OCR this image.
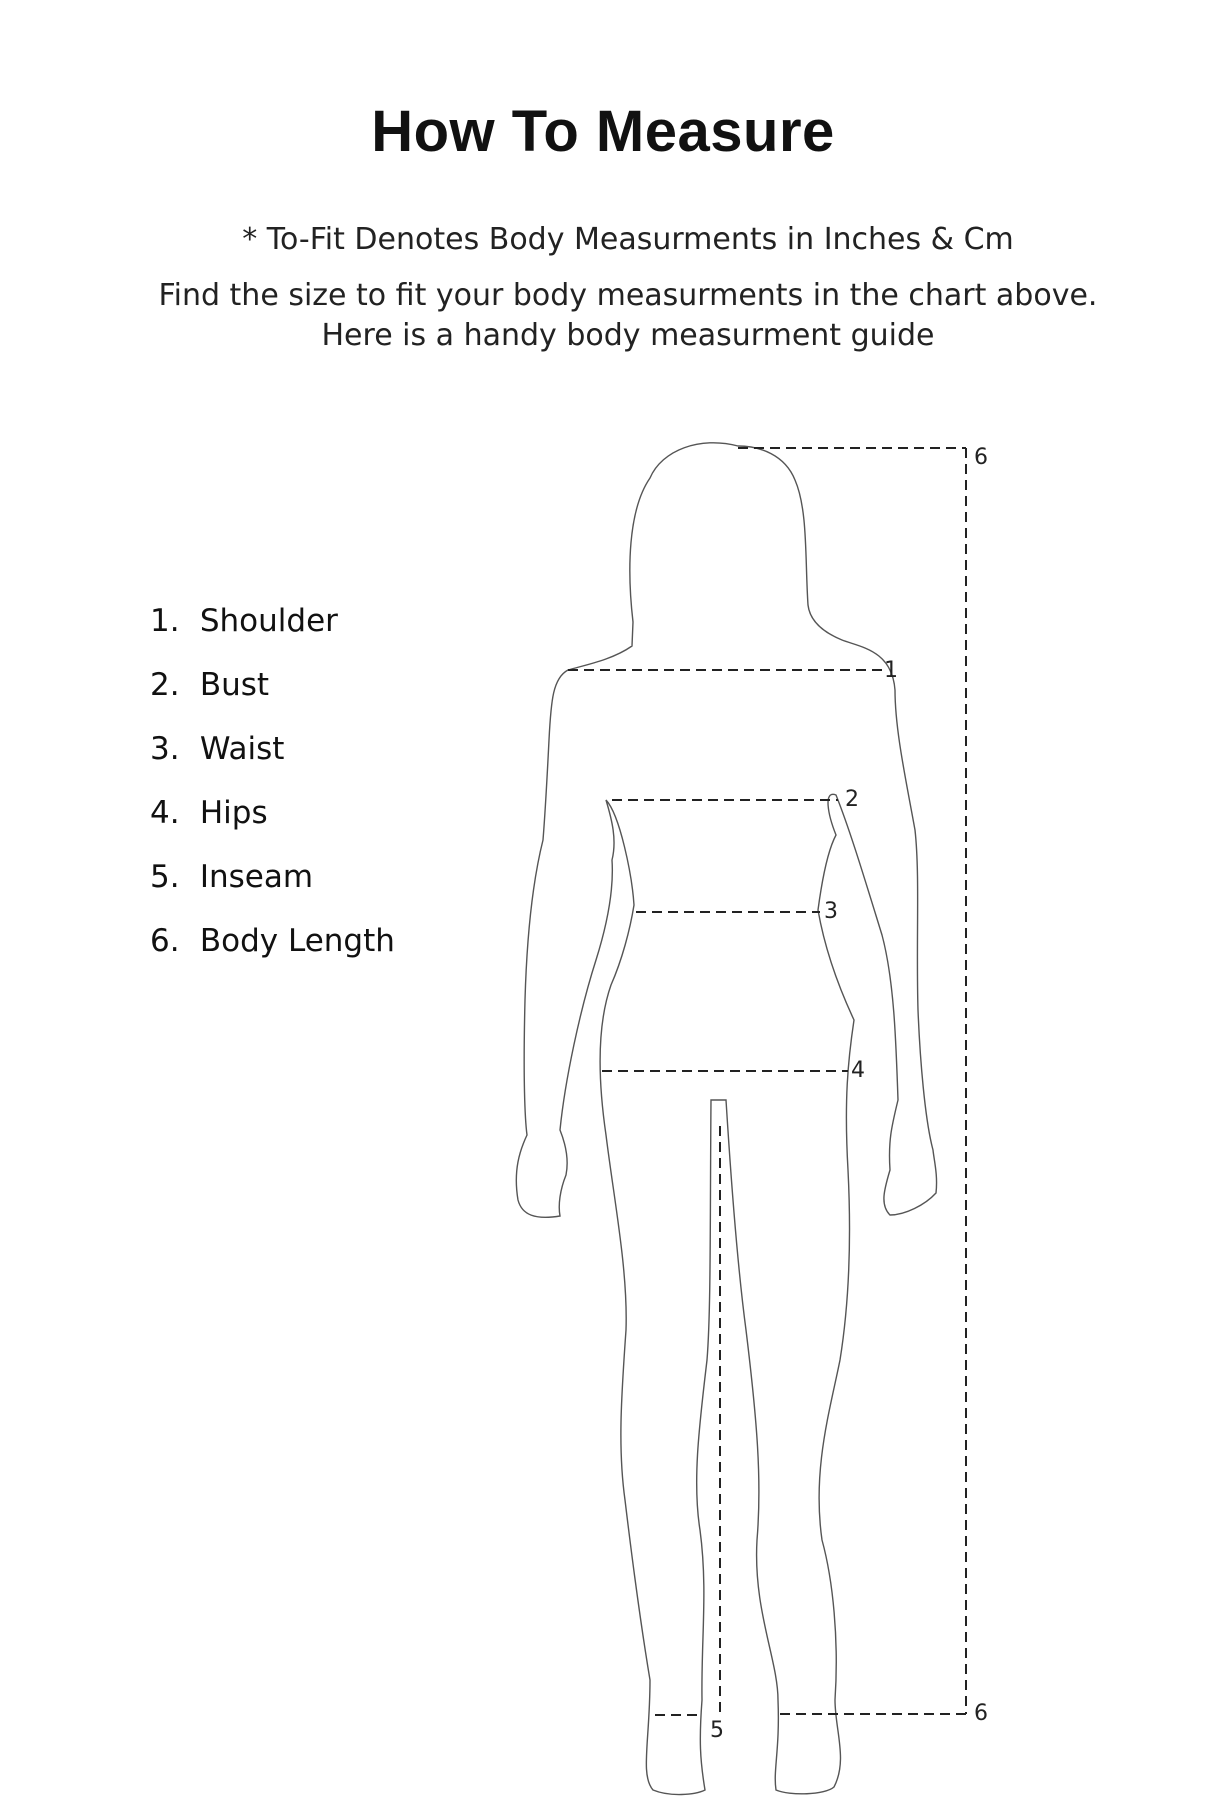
How To Measure
* To-Fit Denotes Body Measurments in Inches & Cm
Find the size to fit your body measurments in the chart above.
Here is a handy body measurment guide
1. Shoulder
2. Bust
3. Waist
4. Hips
5. Inseam
6. Body Length
1
2
3
4
5
6
6
